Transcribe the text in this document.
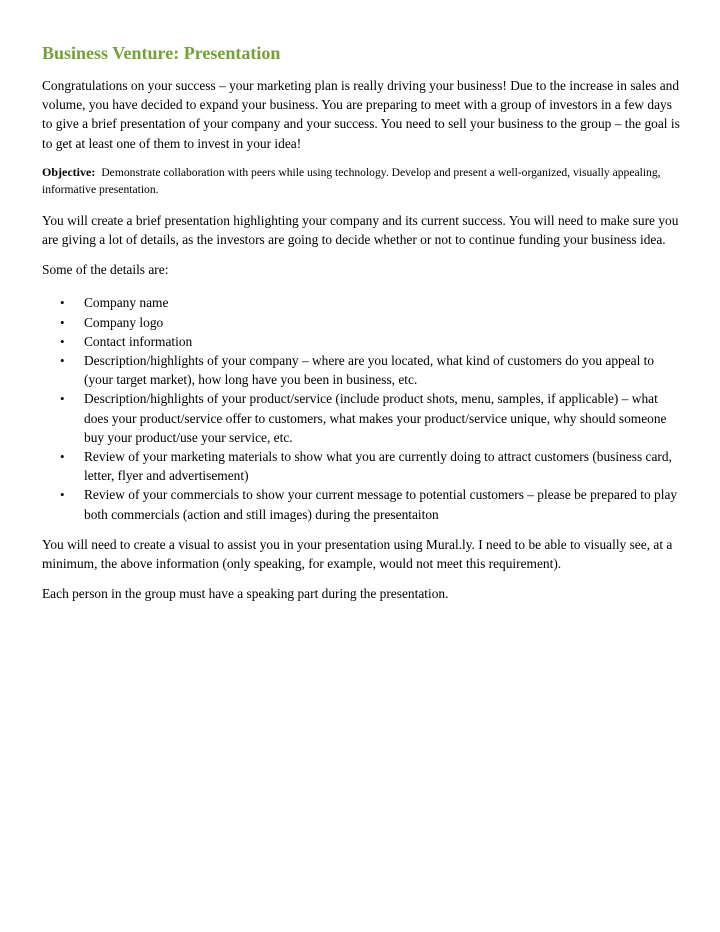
Business Venture: Presentation

Congratulations on your success – your marketing plan is really driving your business! Due to the increase in sales and volume, you have decided to expand your business. You are preparing to meet with a group of investors in a few days to give a brief presentation of your company and your success. You need to sell your business to the group – the goal is to get at least one of them to invest in your idea!

Objective: Demonstrate collaboration with peers while using technology. Develop and present a well-organized, visually appealing, informative presentation.

You will create a brief presentation highlighting your company and its current success. You will need to make sure you are giving a lot of details, as the investors are going to decide whether or not to continue funding your business idea.

Some of the details are:

• Company name
• Company logo
• Contact information
• Description/highlights of your company – where are you located, what kind of customers do you appeal to (your target market), how long have you been in business, etc.
• Description/highlights of your product/service (include product shots, menu, samples, if applicable) – what does your product/service offer to customers, what makes your product/service unique, why should someone buy your product/use your service, etc.
• Review of your marketing materials to show what you are currently doing to attract customers (business card, letter, flyer and advertisement)
• Review of your commercials to show your current message to potential customers – please be prepared to play both commercials (action and still images) during the presentaiton

You will need to create a visual to assist you in your presentation using Mural.ly. I need to be able to visually see, at a minimum, the above information (only speaking, for example, would not meet this requirement).

Each person in the group must have a speaking part during the presentation.
